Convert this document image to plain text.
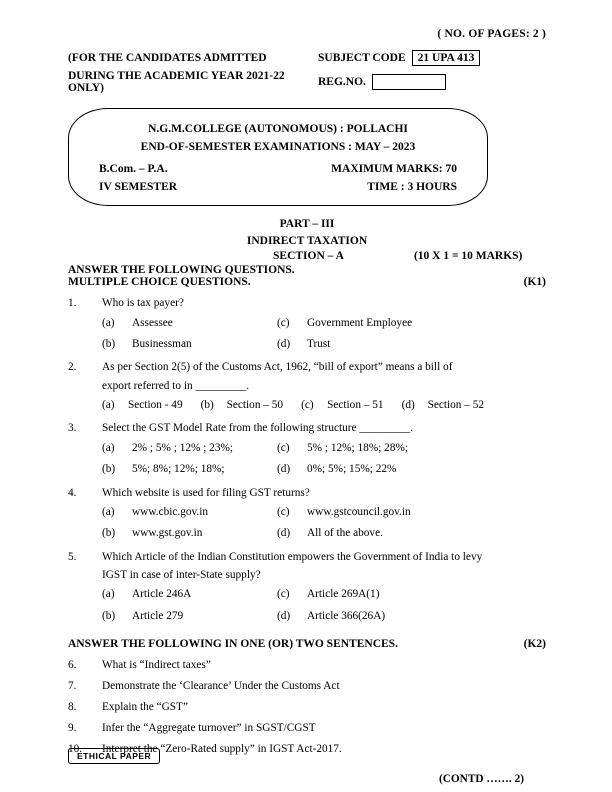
( NO. OF PAGES: 2 )
(FOR THE CANDIDATES ADMITTED	SUBJECT CODE	21 UPA 413
DURING THE ACADEMIC YEAR 2021-22 ONLY)	REG.NO.
N.G.M.COLLEGE (AUTONOMOUS) : POLLACHI
END-OF-SEMESTER EXAMINATIONS : MAY – 2023
B.Com. – P.A.	MAXIMUM MARKS: 70
IV SEMESTER	TIME : 3 HOURS
PART – III
INDIRECT TAXATION
SECTION – A	(10 X 1 = 10 MARKS)
ANSWER THE FOLLOWING QUESTIONS.
MULTIPLE CHOICE QUESTIONS.	(K1)
1.	Who is tax payer?
(a)	Assessee	(c)	Government Employee
(b)	Businessman	(d)	Trust
2.	As per Section 2(5) of the Customs Act, 1962, “bill of export” means a bill of
export referred to in _________.
(a)	Section - 49 (b)	Section – 50 (c)	Section – 51 (d)	Section – 52
3.	Select the GST Model Rate from the following structure _________.
(a)	2% ; 5% ; 12% ; 23%;	(c)	5% ; 12%; 18%; 28%;
(b)	5%; 8%; 12%; 18%;	(d)	0%; 5%; 15%; 22%
4.	Which website is used for filing GST returns?
(a)	www.cbic.gov.in	(c)	www.gstcouncil.gov.in
(b)	www.gst.gov.in	(d)	All of the above.
5.	Which Article of the Indian Constitution empowers the Government of India to levy
IGST in case of inter-State supply?
(a)	Article 246A	(c)	Article 269A(1)
(b)	Article 279	(d)	Article 366(26A)
ANSWER THE FOLLOWING IN ONE (OR) TWO SENTENCES.	(K2)
6.	What is “Indirect taxes”
7.	Demonstrate the ‘Clearance’ Under the Customs Act
8.	Explain the “GST”
9.	Infer the “Aggregate turnover” in SGST/CGST
10.	Interpret the “Zero-Rated supply” in IGST Act-2017.
(CONTD ……. 2)
ETHICAL PAPER
